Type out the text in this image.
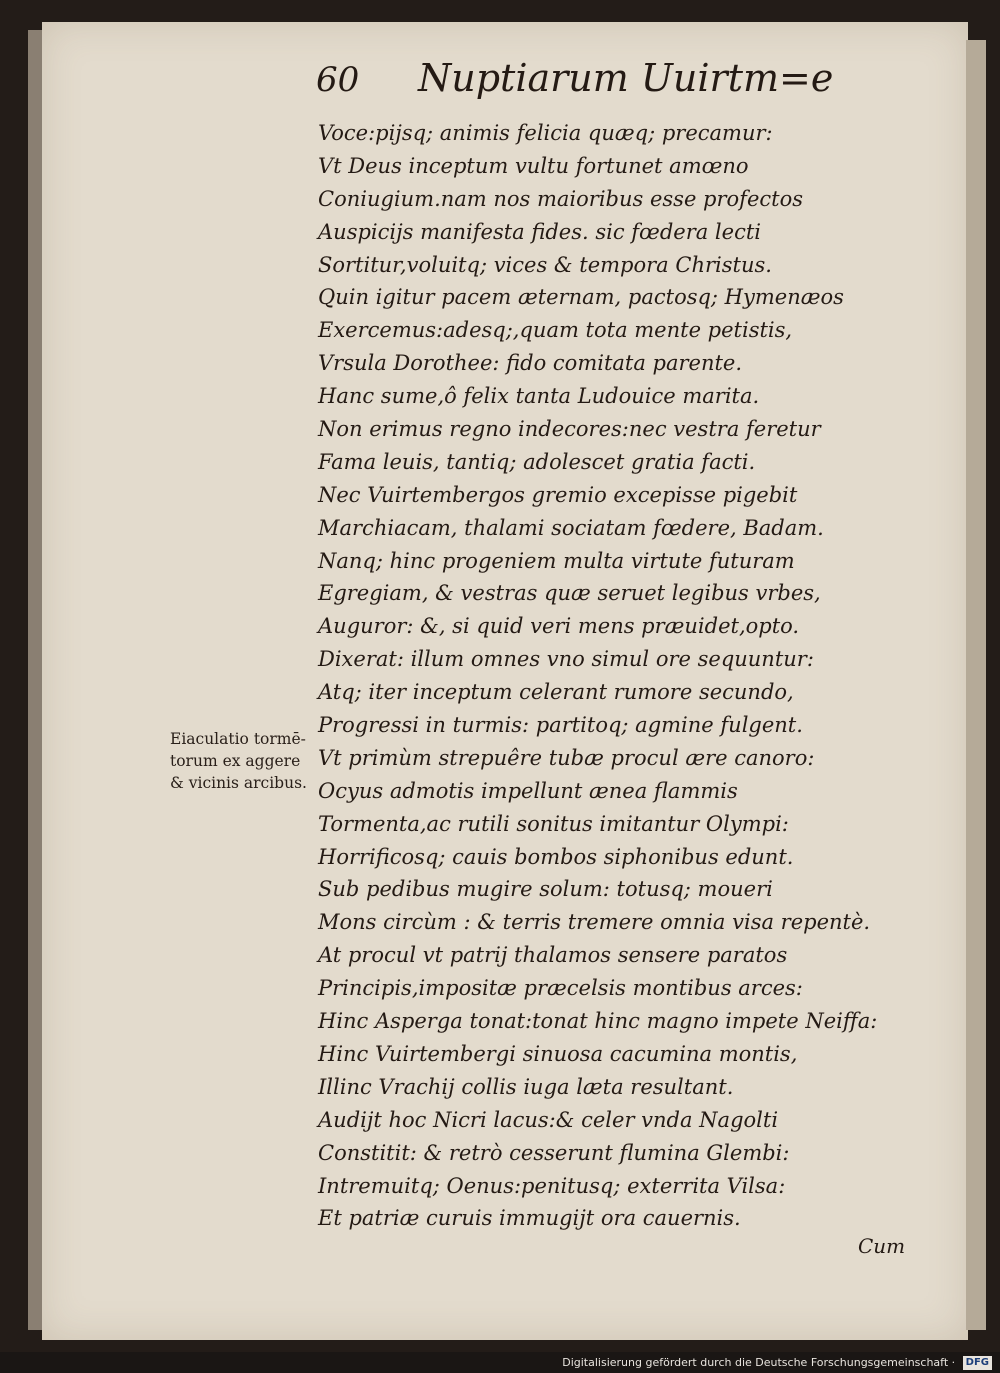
60 Nuptiarum Uuirtm=e
Voce:pijsq; animis felicia quæq; precamur:
Vt Deus inceptum vultu fortunet amœno
Coniugium.nam nos maioribus esse profectos
Auspicijs manifesta fides. sic fœdera lecti
Sortitur,voluitq; vices & tempora Christus.
Quin igitur pacem æternam, pactosq; Hymenæos
Exercemus:adesq;,quam tota mente petistis,
Vrsula Dorothee: fido comitata parente.
Hanc sume,ô felix tanta Ludouice marita.
Non erimus regno indecores:nec vestra feretur
Fama leuis, tantiq; adolescet gratia facti.
Nec Vuirtembergos gremio excepisse pigebit
Marchiacam, thalami sociatam fœdere, Badam.
Nanq; hinc progeniem multa virtute futuram
Egregiam, & vestras quæ seruet legibus vrbes,
Auguror: &, si quid veri mens præuidet,opto.
Dixerat: illum omnes vno simul ore sequuntur:
Atq; iter inceptum celerant rumore secundo,
Progressi in turmis: partitoq; agmine fulgent.
Vt primùm strepuêre tubæ procul ære canoro:
Ocyus admotis impellunt ænea flammis
Tormenta,ac rutili sonitus imitantur Olympi:
Horrificosq; cauis bombos siphonibus edunt.
Sub pedibus mugire solum: totusq; moueri
Mons circùm : & terris tremere omnia visa repentè.
At procul vt patrij thalamos sensere paratos
Principis,impositæ præcelsis montibus arces:
Hinc Asperga tonat:tonat hinc magno impete Neiffa:
Hinc Vuirtembergi sinuosa cacumina montis,
Illinc Vrachij collis iuga læta resultant.
Audijt hoc Nicri lacus:& celer vnda Nagolti
Constitit: & retrò cesserunt flumina Glembi:
Intremuitq; Oenus:penitusq; exterrita Vilsa:
Et patriæ curuis immugijt ora cauernis.
Eiaculatio tormē-
torum ex aggere
& vicinis arcibus.
Cum
Digitalisierung gefördert durch die Deutsche Forschungsgemeinschaft · DFG
